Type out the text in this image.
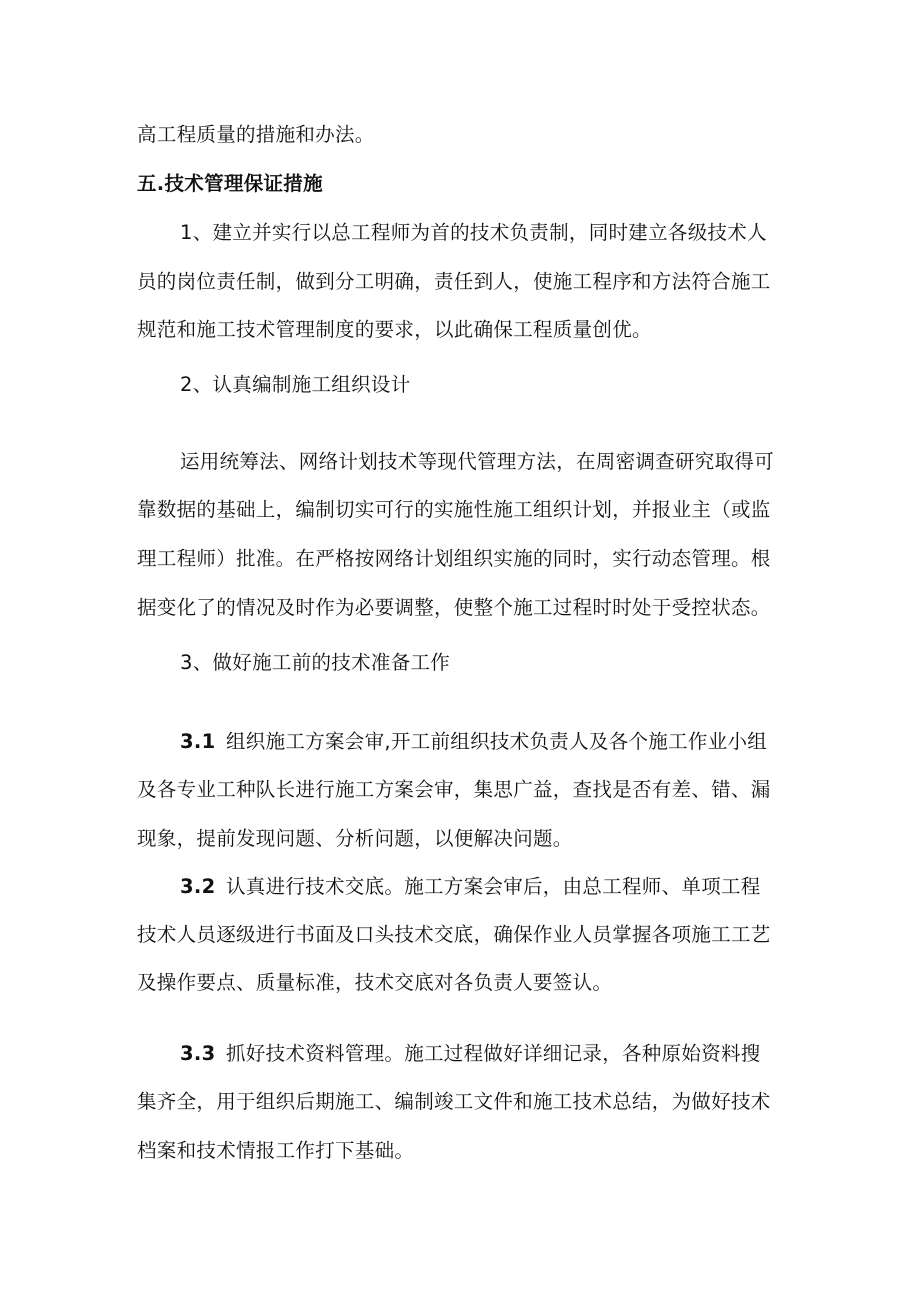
高工程质量的措施和办法。
五.技术管理保证措施
1、建立并实行以总工程师为首的技术负责制，同时建立各级技术人
员的岗位责任制，做到分工明确，责任到人，使施工程序和方法符合施工
规范和施工技术管理制度的要求，以此确保工程质量创优。
2、认真编制施工组织设计
运用统筹法、网络计划技术等现代管理方法，在周密调查研究取得可
靠数据的基础上，编制切实可行的实施性施工组织计划，并报业主（或监
理工程师）批准。在严格按网络计划组织实施的同时，实行动态管理。根
据变化了的情况及时作为必要调整，使整个施工过程时时处于受控状态。
3、做好施工前的技术准备工作
3.1 组织施工方案会审,开工前组织技术负责人及各个施工作业小组
及各专业工种队长进行施工方案会审，集思广益，查找是否有差、错、漏
现象，提前发现问题、分析问题，以便解决问题。
3.2 认真进行技术交底。施工方案会审后，由总工程师、单项工程
技术人员逐级进行书面及口头技术交底，确保作业人员掌握各项施工工艺
及操作要点、质量标准，技术交底对各负责人要签认。
3.3 抓好技术资料管理。施工过程做好详细记录，各种原始资料搜
集齐全，用于组织后期施工、编制竣工文件和施工技术总结，为做好技术
档案和技术情报工作打下基础。
